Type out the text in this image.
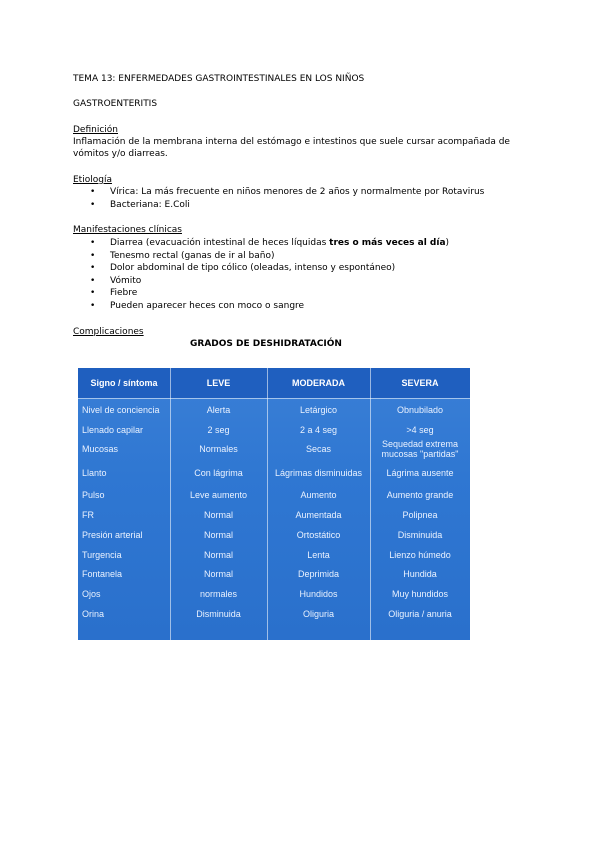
TEMA 13: ENFERMEDADES GASTROINTESTINALES EN LOS NIÑOS
GASTROENTERITIS
Definición
Inflamación de la membrana interna del estómago e intestinos que suele cursar acompañada de
vómitos y/o diarreas.
Etiología
• Vírica: La más frecuente en niños menores de 2 años y normalmente por Rotavirus
• Bacteriana: E.Coli
Manifestaciones clínicas
• Diarrea (evacuación intestinal de heces líquidas tres o más veces al día)
• Tenesmo rectal (ganas de ir al baño)
• Dolor abdominal de tipo cólico (oleadas, intenso y espontáneo)
• Vómito
• Fiebre
• Pueden aparecer heces con moco o sangre
Complicaciones
GRADOS DE DESHIDRATACIÓN
Signo / síntoma	LEVE	MODERADA	SEVERA
Nivel de conciencia	Alerta	Letárgico	Obnubilado
Llenado capilar	2 seg	2 a 4 seg	>4 seg
Mucosas	Normales	Secas	Sequedad extrema mucosas "partidas"
Llanto	Con lágrima	Lágrimas disminuidas	Lágrima ausente
Pulso	Leve aumento	Aumento	Aumento grande
FR	Normal	Aumentada	Polipnea
Presión arterial	Normal	Ortostático	Disminuida
Turgencia	Normal	Lenta	Lienzo húmedo
Fontanela	Normal	Deprimida	Hundida
Ojos	normales	Hundidos	Muy hundidos
Orina	Disminuida	Oliguria	Oliguria / anuria
